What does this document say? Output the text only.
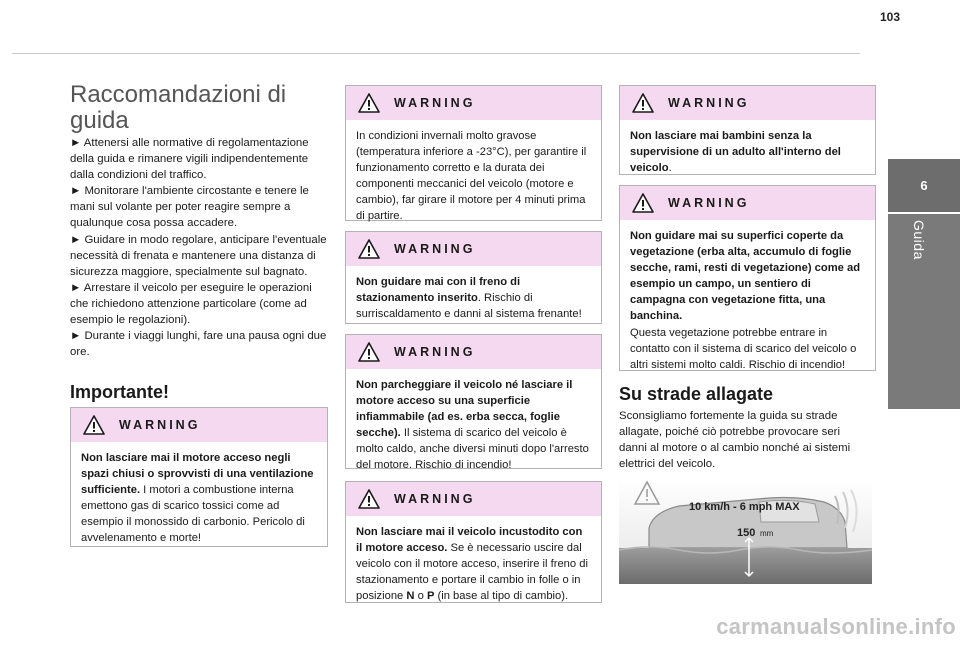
103
6
Guida
Raccomandazioni di guida

► Attenersi alle normative di regolamentazione della guida e rimanere vigili indipendentemente dalla condizioni del traffico.

► Monitorare l'ambiente circostante e tenere le mani sul volante per poter reagire sempre a qualunque cosa possa accadere.

► Guidare in modo regolare, anticipare l'eventuale necessità di frenata e mantenere una distanza di sicurezza maggiore, specialmente sul bagnato.

► Arrestare il veicolo per eseguire le operazioni che richiedono attenzione particolare (come ad esempio le regolazioni).

► Durante i viaggi lunghi, fare una pausa ogni due ore.

Importante!
WARNING
Non lasciare mai il motore acceso negli spazi chiusi o sprovvisti di una ventilazione sufficiente. I motori a combustione interna emettono gas di scarico tossici come ad esempio il monossido di carbonio. Pericolo di avvelenamento e morte!
WARNING
In condizioni invernali molto gravose (temperatura inferiore a -23°C), per garantire il funzionamento corretto e la durata dei componenti meccanici del veicolo (motore e cambio), far girare il motore per 4 minuti prima di partire.
WARNING
Non guidare mai con il freno di stazionamento inserito. Rischio di surriscaldamento e danni al sistema frenante!
WARNING
Non parcheggiare il veicolo né lasciare il motore acceso su una superficie infiammabile (ad es. erba secca, foglie secche). Il sistema di scarico del veicolo è molto caldo, anche diversi minuti dopo l'arresto del motore. Rischio di incendio!
WARNING
Non lasciare mai il veicolo incustodito con il motore acceso. Se è necessario uscire dal veicolo con il motore acceso, inserire il freno di stazionamento e portare il cambio in folle o in posizione N o P (in base al tipo di cambio).
WARNING
Non lasciare mai bambini senza la supervisione di un adulto all'interno del veicolo.
WARNING
Non guidare mai su superfici coperte da vegetazione (erba alta, accumulo di foglie secche, rami, resti di vegetazione) come ad esempio un campo, un sentiero di campagna con vegetazione fitta, una banchina.
Questa vegetazione potrebbe entrare in contatto con il sistema di scarico del veicolo o altri sistemi molto caldi. Rischio di incendio!
Su strade allagate
Sconsigliamo fortemente la guida su strade allagate, poiché ciò potrebbe provocare seri danni al motore o al cambio nonché ai sistemi elettrici del veicolo.
10 km/h - 6 mph MAX
150 mm
carmanualsonline.info
